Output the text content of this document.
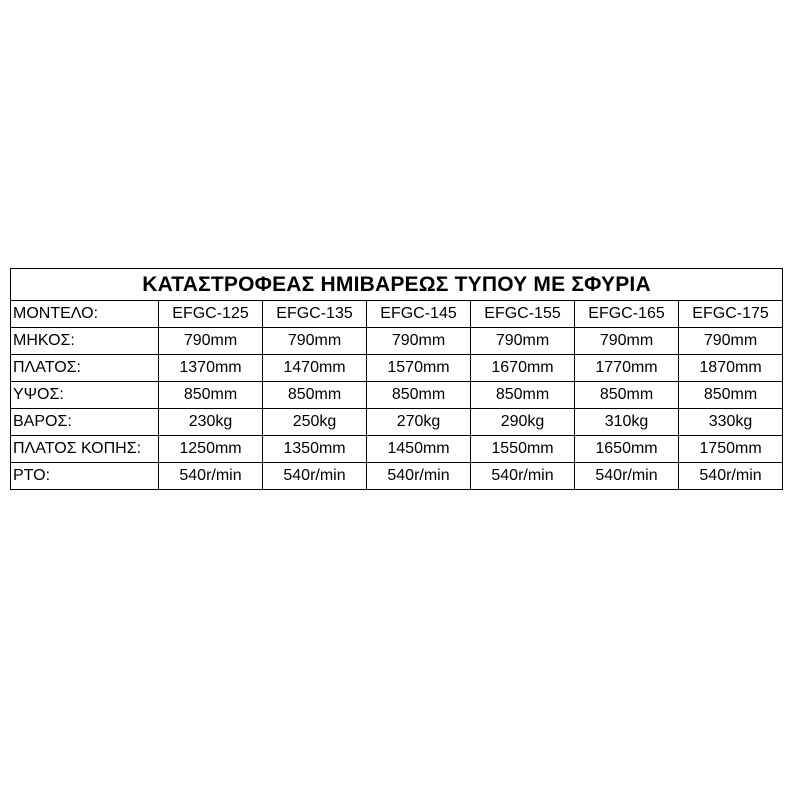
ΚΑΤΑΣΤΡΟΦΕΑΣ ΗΜΙΒΑΡΕΩΣ ΤΥΠΟΥ ΜΕ ΣΦΥΡΙΑ						
ΜΟΝΤΕΛΟ:	EFGC-125	EFGC-135	EFGC-145	EFGC-155	EFGC-165	EFGC-175
ΜΗΚΟΣ:	790mm	790mm	790mm	790mm	790mm	790mm
ΠΛΑΤΟΣ:	1370mm	1470mm	1570mm	1670mm	1770mm	1870mm
ΥΨΟΣ:	850mm	850mm	850mm	850mm	850mm	850mm
ΒΑΡΟΣ:	230kg	250kg	270kg	290kg	310kg	330kg
ΠΛΑΤΟΣ ΚΟΠΗΣ:	1250mm	1350mm	1450mm	1550mm	1650mm	1750mm
PTO:	540r/min	540r/min	540r/min	540r/min	540r/min	540r/min
